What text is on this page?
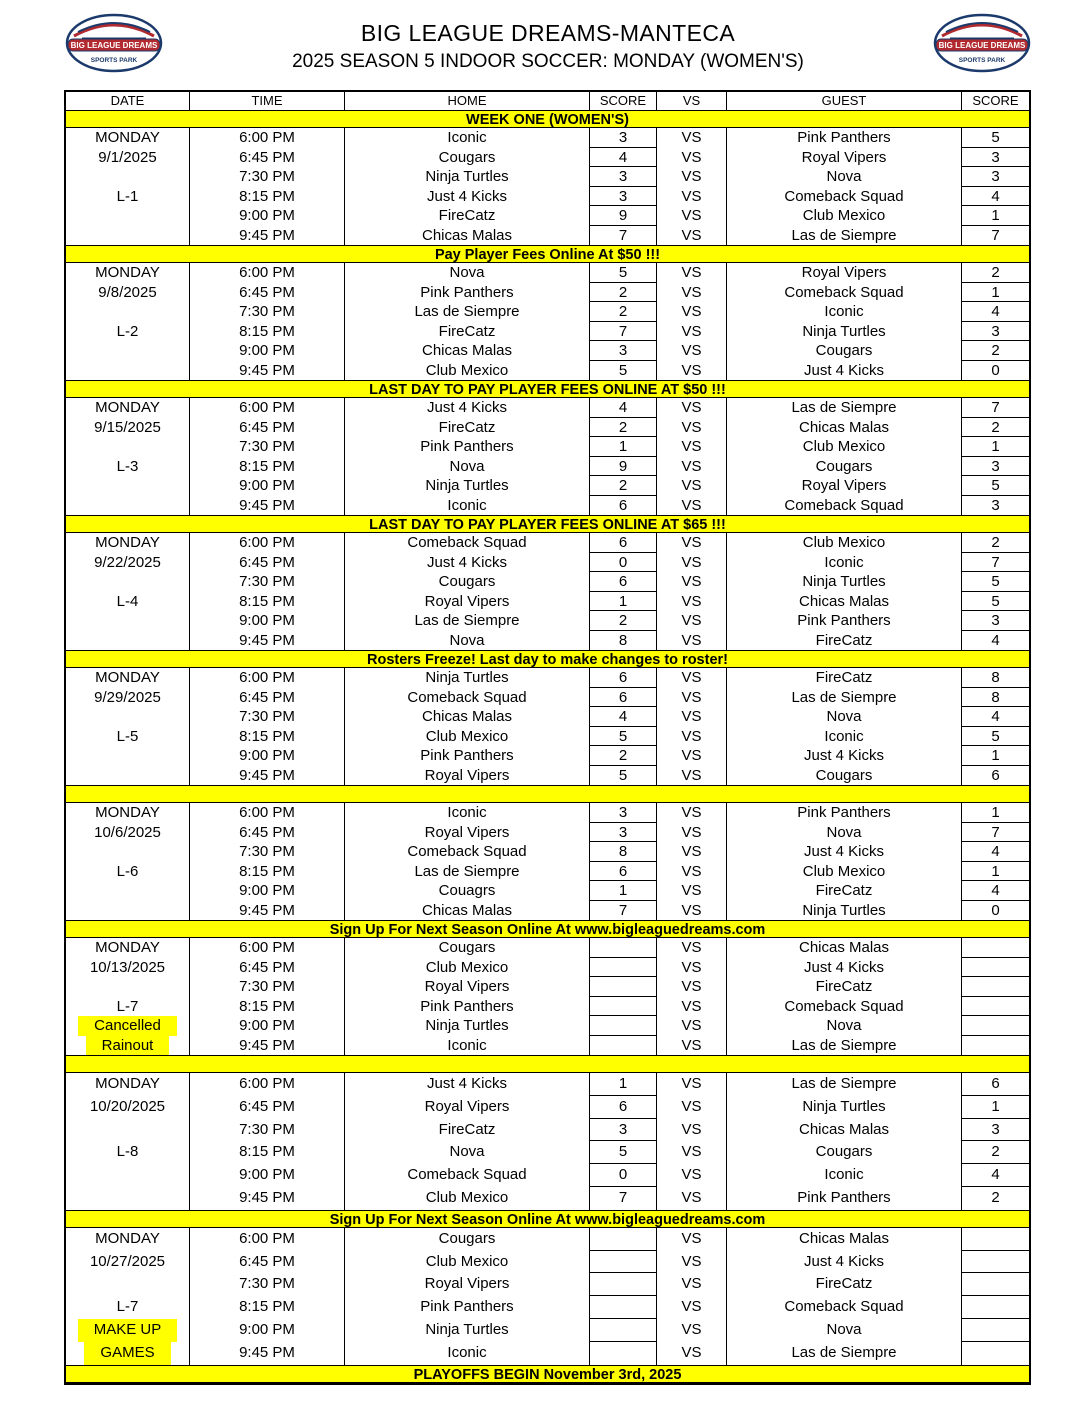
BIG LEAGUE DREAMS
SPORTS PARK
BIG LEAGUE DREAMS-MANTECA
2025 SEASON 5 INDOOR SOCCER: MONDAY (WOMEN'S)
BIG LEAGUE DREAMS
SPORTS PARK
DATE	TIME	HOME	SCORE	VS	GUEST	SCORE
WEEK ONE (WOMEN'S)
MONDAY	6:00 PM	Iconic	3	VS	Pink Panthers	5
9/1/2025	6:45 PM	Cougars	4	VS	Royal Vipers	3
7:30 PM	Ninja Turtles	3	VS	Nova	3
L-1	8:15 PM	Just 4 Kicks	3	VS	Comeback Squad	4
9:00 PM	FireCatz	9	VS	Club Mexico	1
9:45 PM	Chicas Malas	7	VS	Las de Siempre	7
Pay Player Fees Online At $50 !!!
MONDAY	6:00 PM	Nova	5	VS	Royal Vipers	2
9/8/2025	6:45 PM	Pink Panthers	2	VS	Comeback Squad	1
7:30 PM	Las de Siempre	2	VS	Iconic	4
L-2	8:15 PM	FireCatz	7	VS	Ninja Turtles	3
9:00 PM	Chicas Malas	3	VS	Cougars	2
9:45 PM	Club Mexico	5	VS	Just 4 Kicks	0
LAST DAY TO PAY PLAYER FEES ONLINE AT $50 !!!
MONDAY	6:00 PM	Just 4 Kicks	4	VS	Las de Siempre	7
9/15/2025	6:45 PM	FireCatz	2	VS	Chicas Malas	2
7:30 PM	Pink Panthers	1	VS	Club Mexico	1
L-3	8:15 PM	Nova	9	VS	Cougars	3
9:00 PM	Ninja Turtles	2	VS	Royal Vipers	5
9:45 PM	Iconic	6	VS	Comeback Squad	3
LAST DAY TO PAY PLAYER FEES ONLINE AT $65 !!!
MONDAY	6:00 PM	Comeback Squad	6	VS	Club Mexico	2
9/22/2025	6:45 PM	Just 4 Kicks	0	VS	Iconic	7
7:30 PM	Cougars	6	VS	Ninja Turtles	5
L-4	8:15 PM	Royal Vipers	1	VS	Chicas Malas	5
9:00 PM	Las de Siempre	2	VS	Pink Panthers	3
9:45 PM	Nova	8	VS	FireCatz	4
Rosters Freeze! Last day to make changes to roster!
MONDAY	6:00 PM	Ninja Turtles	6	VS	FireCatz	8
9/29/2025	6:45 PM	Comeback Squad	6	VS	Las de Siempre	8
7:30 PM	Chicas Malas	4	VS	Nova	4
L-5	8:15 PM	Club Mexico	5	VS	Iconic	5
9:00 PM	Pink Panthers	2	VS	Just 4 Kicks	1
9:45 PM	Royal Vipers	5	VS	Cougars	6
MONDAY	6:00 PM	Iconic	3	VS	Pink Panthers	1
10/6/2025	6:45 PM	Royal Vipers	3	VS	Nova	7
7:30 PM	Comeback Squad	8	VS	Just 4 Kicks	4
L-6	8:15 PM	Las de Siempre	6	VS	Club Mexico	1
9:00 PM	Couagrs	1	VS	FireCatz	4
9:45 PM	Chicas Malas	7	VS	Ninja Turtles	0
Sign Up For Next Season Online At www.bigleaguedreams.com
MONDAY	6:00 PM	Cougars	VS	Chicas Malas
10/13/2025	6:45 PM	Club Mexico	VS	Just 4 Kicks
7:30 PM	Royal Vipers	VS	FireCatz
L-7	8:15 PM	Pink Panthers	VS	Comeback Squad
Cancelled	9:00 PM	Ninja Turtles	VS	Nova
Rainout	9:45 PM	Iconic	VS	Las de Siempre
MONDAY	6:00 PM	Just 4 Kicks	1	VS	Las de Siempre	6
10/20/2025	6:45 PM	Royal Vipers	6	VS	Ninja Turtles	1
7:30 PM	FireCatz	3	VS	Chicas Malas	3
L-8	8:15 PM	Nova	5	VS	Cougars	2
9:00 PM	Comeback Squad	0	VS	Iconic	4
9:45 PM	Club Mexico	7	VS	Pink Panthers	2
Sign Up For Next Season Online At www.bigleaguedreams.com
MONDAY	6:00 PM	Cougars	VS	Chicas Malas
10/27/2025	6:45 PM	Club Mexico	VS	Just 4 Kicks
7:30 PM	Royal Vipers	VS	FireCatz
L-7	8:15 PM	Pink Panthers	VS	Comeback Squad
MAKE UP	9:00 PM	Ninja Turtles	VS	Nova
GAMES	9:45 PM	Iconic	VS	Las de Siempre
PLAYOFFS BEGIN November 3rd, 2025
